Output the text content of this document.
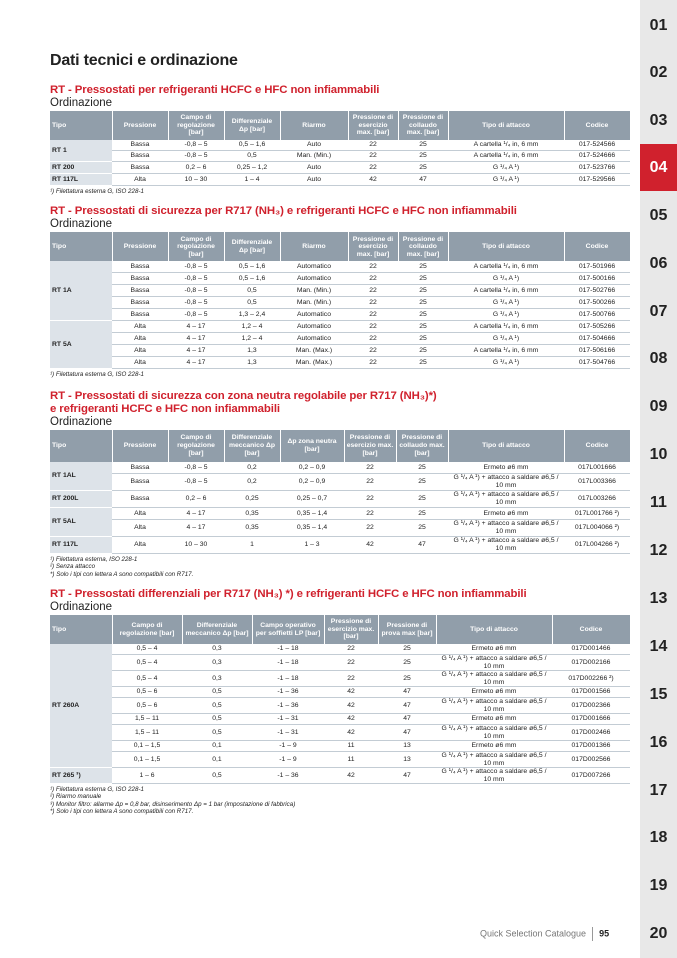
Dati tecnici e ordinazione
RT - Pressostati per refrigeranti HCFC e HFC non infiammabili
Ordinazione
Tipo	Pressione	Campo di regolazione [bar]	Differenziale Δp [bar]	Riarmo	Pressione di esercizio max. [bar]	Pressione di collaudo max. [bar]	Tipo di attacco	Codice
RT 1	Bassa	-0,8 – 5	0,5 – 1,6	Auto	22	25	A cartella ¹/₄ in, 6 mm	017-524566
	Bassa	-0,8 – 5	0,5	Man. (Min.)	22	25	A cartella ¹/₄ in, 6 mm	017-524666
RT 200	Bassa	0,2 – 6	0,25 – 1,2	Auto	22	25	G ¹/₄ A ¹)	017-523766
RT 117L	Alta	10 – 30	1 – 4	Auto	42	47	G ¹/₄ A ¹)	017-529566
¹) Filettatura esterna G, ISO 228-1
RT - Pressostati di sicurezza per R717 (NH₃) e refrigeranti HCFC e HFC non infiammabili
Ordinazione
Tipo	Pressione	Campo di regolazione [bar]	Differenziale Δp [bar]	Riarmo	Pressione di esercizio max. [bar]	Pressione di collaudo max. [bar]	Tipo di attacco	Codice
RT 1A	Bassa	-0,8 – 5	0,5 – 1,6	Automatico	22	25	A cartella ¹/₄ in, 6 mm	017-501966
	Bassa	-0,8 – 5	0,5 – 1,6	Automatico	22	25	G ¹/₄ A ¹)	017-500166
	Bassa	-0,8 – 5	0,5	Man. (Min.)	22	25	A cartella ¹/₄ in, 6 mm	017-502766
	Bassa	-0,8 – 5	0,5	Man. (Min.)	22	25	G ¹/₄ A ¹)	017-500266
	Bassa	-0,8 – 5	1,3 – 2,4	Automatico	22	25	G ¹/₄ A ¹)	017-500766
RT 5A	Alta	4 – 17	1,2 – 4	Automatico	22	25	A cartella ¹/₄ in, 6 mm	017-505266
	Alta	4 – 17	1,2 – 4	Automatico	22	25	G ¹/₄ A ¹)	017-504666
	Alta	4 – 17	1,3	Man. (Max.)	22	25	A cartella ¹/₄ in, 6 mm	017-506166
	Alta	4 – 17	1,3	Man. (Max.)	22	25	G ¹/₄ A ¹)	017-504766
¹) Filettatura esterna G, ISO 228-1
RT - Pressostati di sicurezza con zona neutra regolabile per R717 (NH₃)*)
e refrigeranti HCFC e HFC non infiammabili
Ordinazione
Tipo	Pressione	Campo di regolazione [bar]	Differenziale meccanico Δp [bar]	Δp zona neutra [bar]	Pressione di esercizio max. [bar]	Pressione di collaudo max. [bar]	Tipo di attacco	Codice
RT 1AL	Bassa	-0,8 – 5	0,2	0,2 – 0,9	22	25	Ermeto ø6 mm	017L001666
	Bassa	-0,8 – 5	0,2	0,2 – 0,9	22	25	G ¹/₄ A ¹) + attacco a saldare ø6,5 / 10 mm	017L003366
RT 200L	Bassa	0,2 – 6	0,25	0,25 – 0,7	22	25	G ¹/₄ A ¹) + attacco a saldare ø6,5 / 10 mm	017L003266
RT 5AL	Alta	4 – 17	0,35	0,35 – 1,4	22	25	Ermeto ø6 mm	017L001766 ²)
	Alta	4 – 17	0,35	0,35 – 1,4	22	25	G ¹/₄ A ¹) + attacco a saldare ø6,5 / 10 mm	017L004066 ²)
RT 117L	Alta	10 – 30	1	1 – 3	42	47	G ¹/₄ A ¹) + attacco a saldare ø6,5 / 10 mm	017L004266 ²)
¹) Filettatura esterna, ISO 228-1
²) Senza attacco
*) Solo i tipi con lettera A sono compatibili con R717.
RT - Pressostati differenziali per R717 (NH₃) *) e refrigeranti HCFC e HFC non infiammabili
Ordinazione
Tipo	Campo di regolazione [bar]	Differenziale meccanico Δp [bar]	Campo operativo per soffietti LP [bar]	Pressione di esercizio max. [bar]	Pressione di prova max [bar]	Tipo di attacco	Codice
RT 260A	0,5 – 4	0,3	-1 – 18	22	25	Ermeto ø6 mm	017D001466
	0,5 – 4	0,3	-1 – 18	22	25	G ¹/₄ A ¹) + attacco a saldare ø6,5 / 10 mm	017D002166
	0,5 – 4	0,3	-1 – 18	22	25	G ¹/₄ A ¹) + attacco a saldare ø6,5 / 10 mm	017D002266 ²)
	0,5 – 6	0,5	-1 – 36	42	47	Ermeto ø6 mm	017D001566
	0,5 – 6	0,5	-1 – 36	42	47	G ¹/₄ A ¹) + attacco a saldare ø6,5 / 10 mm	017D002366
	1,5 – 11	0,5	-1 – 31	42	47	Ermeto ø6 mm	017D001666
	1,5 – 11	0,5	-1 – 31	42	47	G ¹/₄ A ¹) + attacco a saldare ø6,5 / 10 mm	017D002466
	0,1 – 1,5	0,1	-1 – 9	11	13	Ermeto ø6 mm	017D001366
	0,1 – 1,5	0,1	-1 – 9	11	13	G ¹/₄ A ¹) + attacco a saldare ø6,5 / 10 mm	017D002566
RT 265 ³)	1 – 6	0,5	-1 – 36	42	47	G ¹/₄ A ¹) + attacco a saldare ø6,5 / 10 mm	017D007266
¹) Filettatura esterna G, ISO 228-1
²) Riarmo manuale
³) Monitor filtro: allarme Δp = 0,8 bar, disinserimento Δp = 1 bar (impostazione di fabbrica)
*) Solo i tipi con lettera A sono compatibili con R717.
01
02
03
04
05
06
07
08
09
10
11
12
13
14
15
16
17
18
19
20
Quick Selection Catalogue 95
